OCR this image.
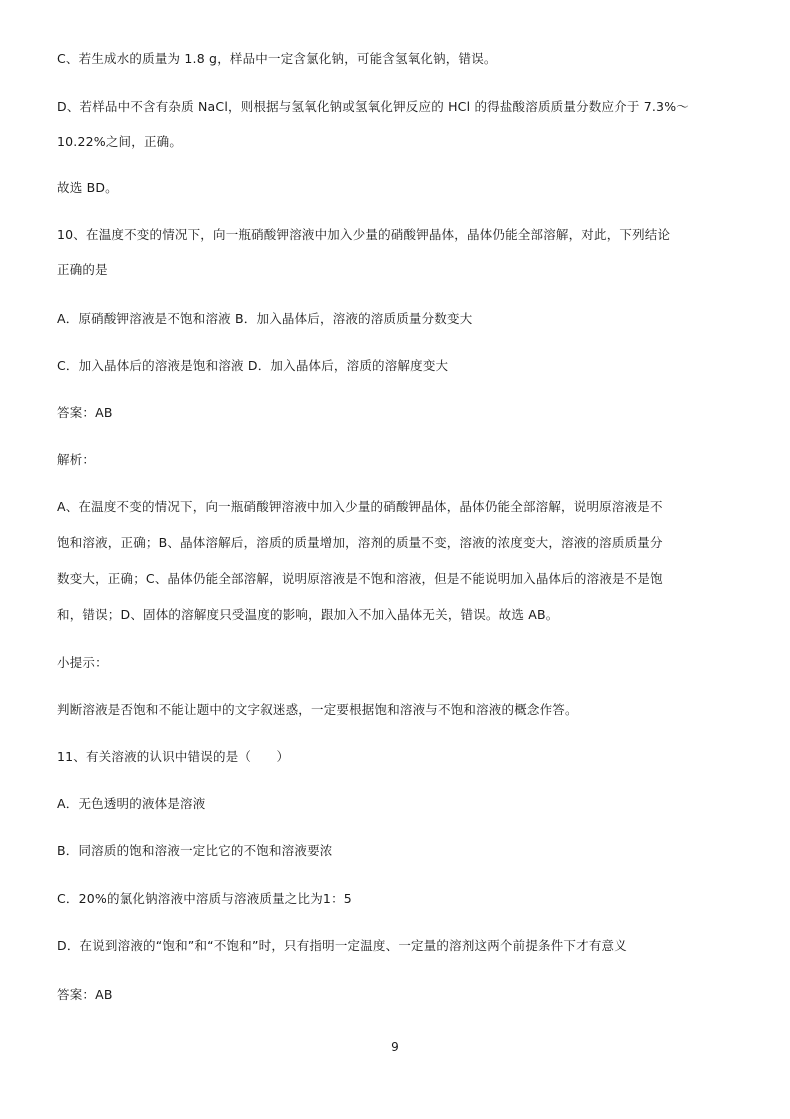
C、若生成水的质量为 1.8 g，样品中一定含氯化钠，可能含氢氧化钠，错误。
D、若样品中不含有杂质 NaCl，则根据与氢氧化钠或氢氧化钾反应的 HCl 的得盐酸溶质质量分数应介于 7.3%～
10.22%之间，正确。
故选 BD。
10、在温度不变的情况下，向一瓶硝酸钾溶液中加入少量的硝酸钾晶体，晶体仍能全部溶解，对此，下列结论
正确的是
A．原硝酸钾溶液是不饱和溶液 B．加入晶体后，溶液的溶质质量分数变大
C．加入晶体后的溶液是饱和溶液 D．加入晶体后，溶质的溶解度变大
答案：AB
解析：
A、在温度不变的情况下，向一瓶硝酸钾溶液中加入少量的硝酸钾晶体，晶体仍能全部溶解，说明原溶液是不
饱和溶液，正确；B、晶体溶解后，溶质的质量增加，溶剂的质量不变，溶液的浓度变大，溶液的溶质质量分
数变大，正确；C、晶体仍能全部溶解，说明原溶液是不饱和溶液，但是不能说明加入晶体后的溶液是不是饱
和，错误；D、固体的溶解度只受温度的影响，跟加入不加入晶体无关，错误。故选 AB。
小提示：
判断溶液是否饱和不能让题中的文字叙迷惑，一定要根据饱和溶液与不饱和溶液的概念作答。
11、有关溶液的认识中错误的是（　　）
A．无色透明的液体是溶液
B．同溶质的饱和溶液一定比它的不饱和溶液要浓
C．20%的氯化钠溶液中溶质与溶液质量之比为1：5
D．在说到溶液的“饱和”和“不饱和”时，只有指明一定温度、一定量的溶剂这两个前提条件下才有意义
答案：AB
9
